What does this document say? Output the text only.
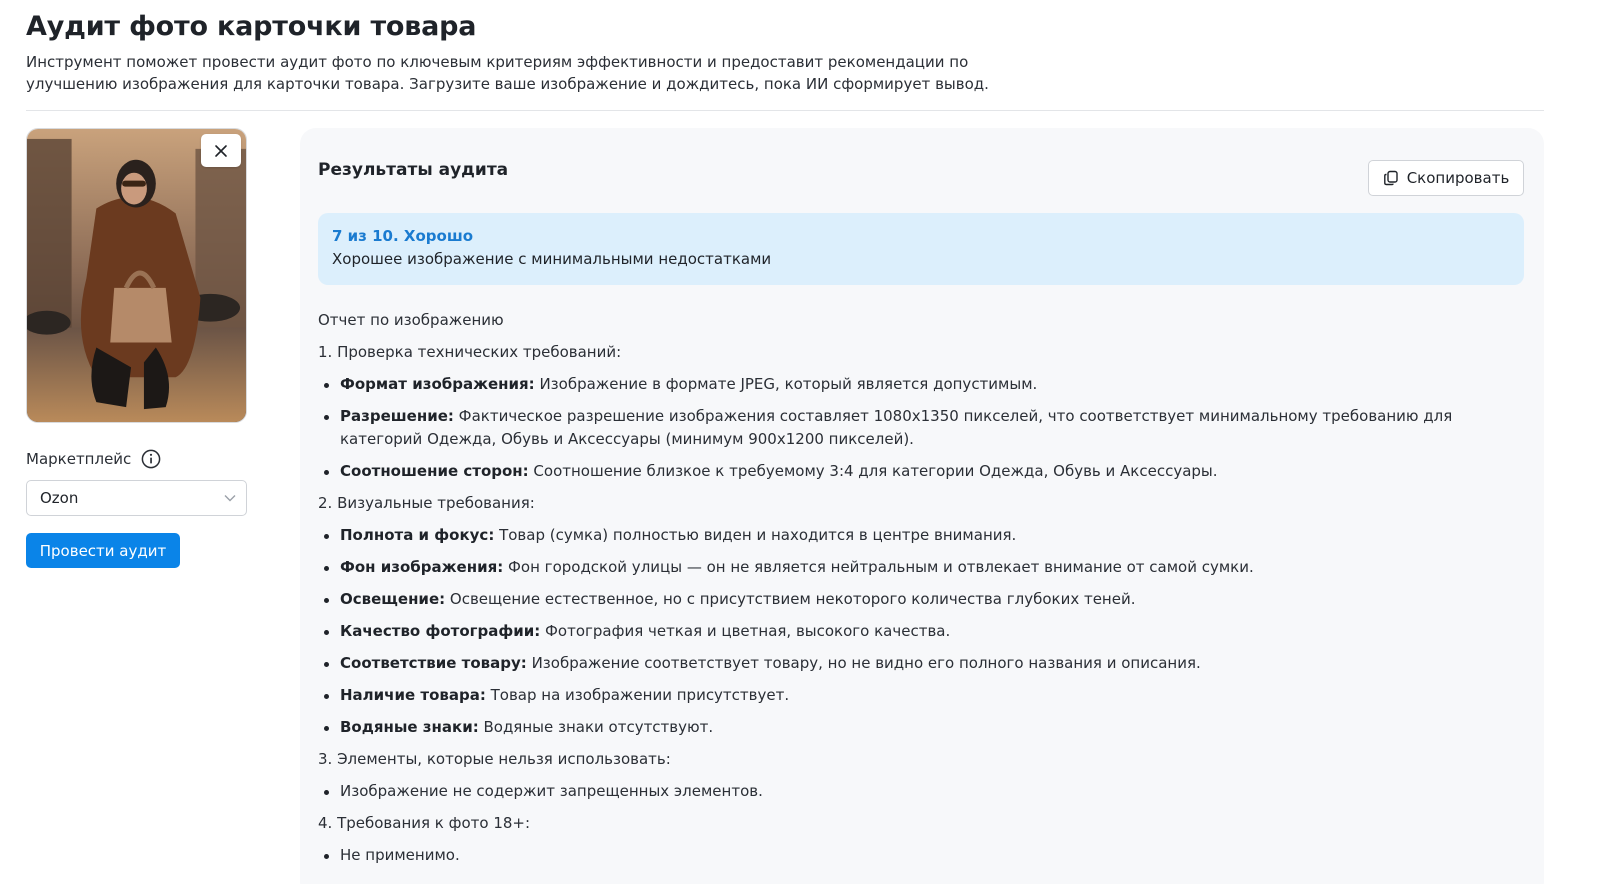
Аудит фото карточки товара

Инструмент поможет провести аудит фото по ключевым критериям эффективности и предоставит рекомендации по улучшению изображения для карточки товара. Загрузите ваше изображение и дождитесь, пока ИИ сформирует вывод.

Маркетплейс
Ozon
Провести аудит
Результаты аудита	Скопировать
7 из 10. Хорошо
Хорошее изображение с минимальными недостатками

Отчет по изображению

1. Проверка технических требований:

Формат изображения: Изображение в формате JPEG, который является допустимым.
Разрешение: Фактическое разрешение изображения составляет 1080x1350 пикселей, что соответствует минимальному требованию для категорий Одежда, Обувь и Аксессуары (минимум 900x1200 пикселей).
Соотношение сторон: Соотношение близкое к требуемому 3:4 для категории Одежда, Обувь и Аксессуары.

2. Визуальные требования:

Полнота и фокус: Товар (сумка) полностью виден и находится в центре внимания.
Фон изображения: Фон городской улицы — он не является нейтральным и отвлекает внимание от самой сумки.
Освещение: Освещение естественное, но с присутствием некоторого количества глубоких теней.
Качество фотографии: Фотография четкая и цветная, высокого качества.
Соответствие товару: Изображение соответствует товару, но не видно его полного названия и описания.
Наличие товара: Товар на изображении присутствует.
Водяные знаки: Водяные знаки отсутствуют.

3. Элементы, которые нельзя использовать:

Изображение не содержит запрещенных элементов.

4. Требования к фото 18+:

Не применимо.
